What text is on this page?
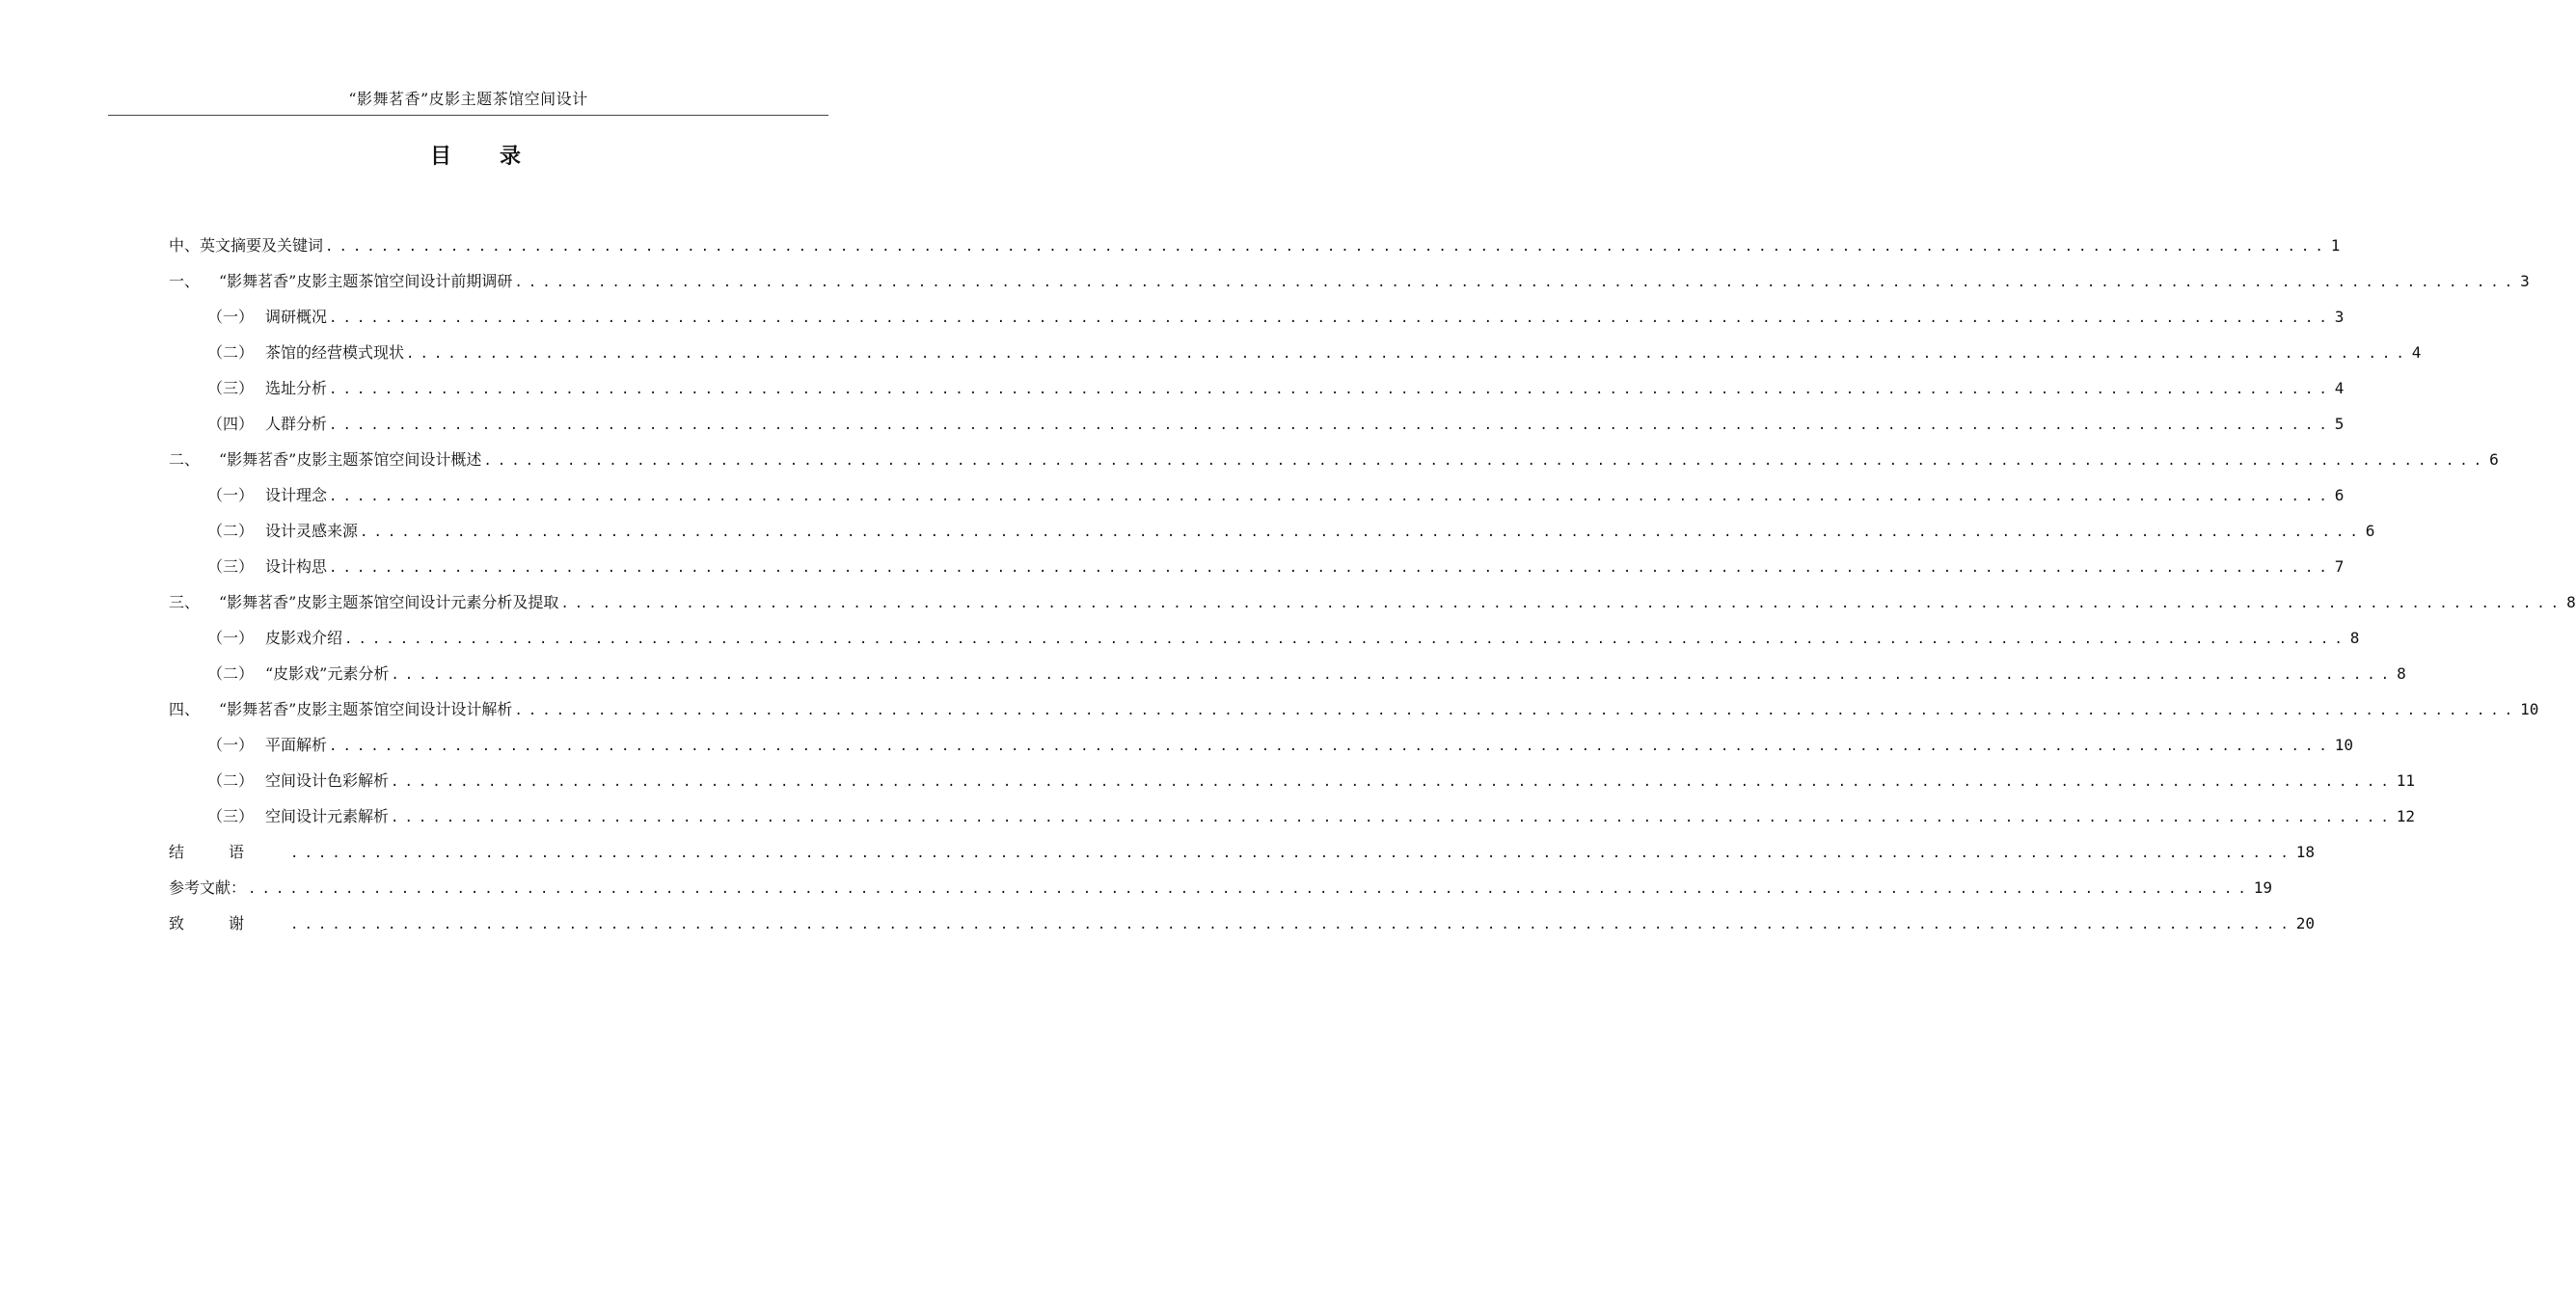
“影舞茗香”皮影主题茶馆空间设计
目录
中、英文摘要及关键词 ................................................................................................................................................ 1
一、	“影舞茗香”皮影主题茶馆空间设计前期调研 ................................................................................................................................................ 3
（一） 调研概况 ................................................................................................................................................ 3
（二） 茶馆的经营模式现状 ................................................................................................................................................ 4
（三） 选址分析 ................................................................................................................................................ 4
（四） 人群分析 ................................................................................................................................................ 5
二、	“影舞茗香”皮影主题茶馆空间设计概述 ................................................................................................................................................ 6
（一） 设计理念 ................................................................................................................................................ 6
（二） 设计灵感来源 ................................................................................................................................................ 6
（三） 设计构思 ................................................................................................................................................ 7
三、	“影舞茗香”皮影主题茶馆空间设计元素分析及提取 ................................................................................................................................................ 8
（一） 皮影戏介绍 ................................................................................................................................................ 8
（二） “皮影戏”元素分析 ................................................................................................................................................ 8
四、	“影舞茗香”皮影主题茶馆空间设计设计解析 ................................................................................................................................................ 10
（一） 平面解析 ................................................................................................................................................ 10
（二） 空间设计色彩解析 ................................................................................................................................................ 11
（三） 空间设计元素解析 ................................................................................................................................................ 12
结语 ................................................................................................................................................ 18
参考文献： ................................................................................................................................................ 19
致谢 ................................................................................................................................................ 20
